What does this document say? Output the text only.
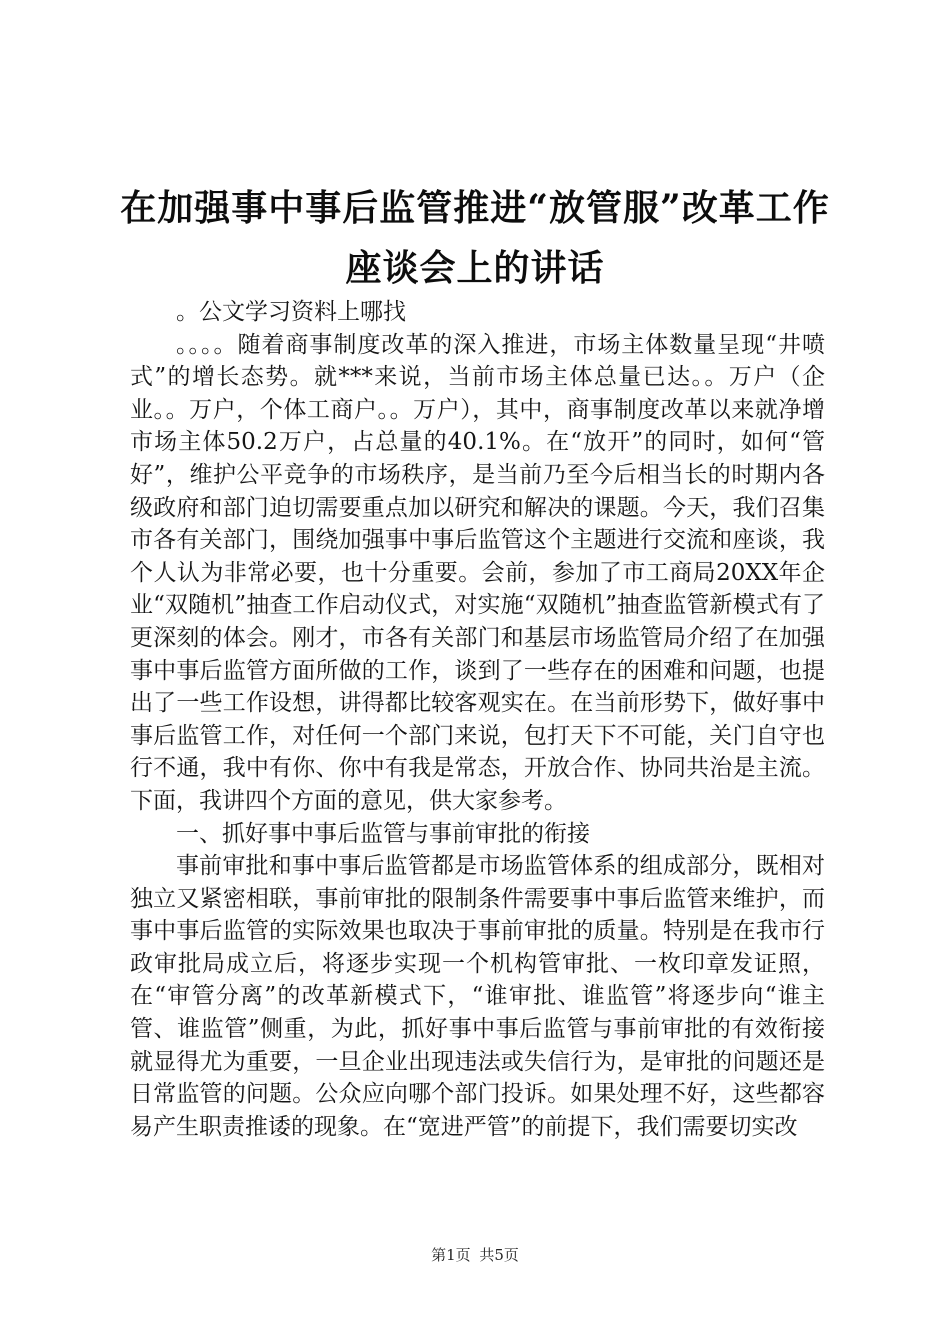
在加强事中事后监管推进“放管服”改革工作
座谈会上的讲话

。公文学习资料上哪找

。。。。随着商事制度改革的深入推进，市场主体数量呈现“井喷式”的增长态势。就***来说，当前市场主体总量已达。。万户（企业。。万户，个体工商户。。万户），其中，商事制度改革以来就净增市场主体50.2万户，占总量的40.1%。在“放开”的同时，如何“管好”，维护公平竞争的市场秩序，是当前乃至今后相当长的时期内各级政府和部门迫切需要重点加以研究和解决的课题。今天，我们召集市各有关部门，围绕加强事中事后监管这个主题进行交流和座谈，我个人认为非常必要，也十分重要。会前，参加了市工商局20XX年企业“双随机”抽查工作启动仪式，对实施“双随机”抽查监管新模式有了更深刻的体会。刚才，市各有关部门和基层市场监管局介绍了在加强事中事后监管方面所做的工作，谈到了一些存在的困难和问题，也提出了一些工作设想，讲得都比较客观实在。在当前形势下，做好事中事后监管工作，对任何一个部门来说，包打天下不可能，关门自守也行不通，我中有你、你中有我是常态，开放合作、协同共治是主流。下面，我讲四个方面的意见，供大家参考。

一、抓好事中事后监管与事前审批的衔接

事前审批和事中事后监管都是市场监管体系的组成部分，既相对独立又紧密相联，事前审批的限制条件需要事中事后监管来维护，而事中事后监管的实际效果也取决于事前审批的质量。特别是在我市行政审批局成立后，将逐步实现一个机构管审批、一枚印章发证照，在“审管分离”的改革新模式下，“谁审批、谁监管”将逐步向“谁主管、谁监管”侧重，为此，抓好事中事后监管与事前审批的有效衔接就显得尤为重要，一旦企业出现违法或失信行为，是审批的问题还是日常监管的问题。公众应向哪个部门投诉。如果处理不好，这些都容易产生职责推诿的现象。在“宽进严管”的前提下，我们需要切实改

第1页 共5页
